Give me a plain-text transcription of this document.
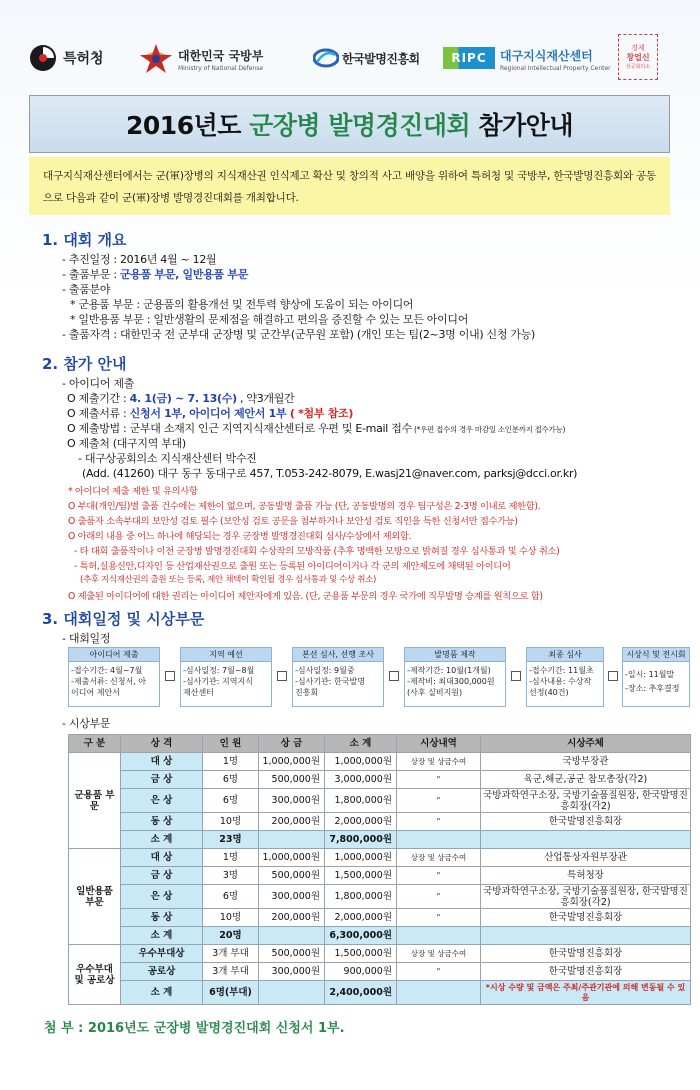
특허청	대한민국 국방부
Ministry of National Defense
한국발명진흥회	RIPC 대구지식재산센터
Regional Intellectual Property Center
경제
창업신
상공회의소
2016년도 군장병 발명경진대회 참가안내
대구지식재산센터에서는 군(軍)장병의 지식재산권 인식제고 확산 및 창의적 사고 배양을 위하여 특허청 및 국방부, 한국발명진흥회와 공동으로 다음과 같이 군(軍)장병 발명경진대회를 개최합니다.
1. 대회 개요
- 추진일정 : 2016년 4월 ~ 12월
- 출품부문 : 군용품 부문, 일반용품 부문
- 출품분야
* 군용품 부문 : 군용품의 활용개선 및 전투력 향상에 도움이 되는 아이디어
* 일반용품 부문 : 일반생활의 문제점을 해결하고 편의을 증진할 수 있는 모든 아이디어
- 출품자격 : 대한민국 전 군부대 군장병 및 군간부(군무원 포함) (개인 또는 팀(2~3명 이내) 신청 가능)
2. 참가 안내
- 아이디어 제출
O 제출기간 : 4. 1(금) ~ 7. 13(수) , 약3개월간
O 제출서류 : 신청서 1부, 아이디어 제안서 1부 ( *첨부 참조)
O 제출방법 : 군부대 소재지 인근 지역지식재산센터로 우편 및 E-mail 접수 (*우편 접수의 경우 마감일 소인분까지 접수가능)
O 제출처 (대구지역 부대)
- 대구상공회의소 지식재산센터 박수진
(Add. (41260) 대구 동구 동대구로 457, T.053-242-8079, E.wasj21@naver.com, parksj@dcci.or.kr)
* 아이디어 제출 제한 및 유의사항
O 부대(개인/팀)별 출품 건수에는 제한이 없으며, 공동발명 출품 가능 (단, 공동발명의 경우 팀구성은 2-3명 이내로 제한함).
O 출품자 소속부대의 보안성 검토 필수 (보안성 검토 공문을 첨부하거나 보안성 검토 직인을 득한 신청서만 접수가능)
O 아래의 내용 중 어느 하나에 해당되는 경우 군장병 발명경진대회 심사/수상에서 제외함.
- 타 대회 출품작이나 이전 군장병 발명경진대회 수상작의 모방작품 (추후 명백한 모방으로 밝혀질 경우 심사통과 및 수상 취소)
- 특허,실용신안,디자인 등 산업재산권으로 출원 또는 등록된 아이디어이거나 각 군의 제안제도에 채택된 아이디어
(추후 지식재산권의 출원 또는 등록, 제안 채택이 확인될 경우 심사통과 및 수상 취소)
O 제출된 아이디어에 대한 권리는 아이디어 제안자에게 있음. (단, 군용품 부문의 경우 국가에 직무발명 승계를 원칙으로 함)
3. 대회일정 및 시상부문
- 대회일정
아이디어 제출
-접수기간: 4월~7월
-제출서류: 신청서, 아
이디어 제안서
지역 예선
-심사일정: 7월~8월
-심사기관: 지역지식
재산센터
본선 심사, 선행 조사
-심사일정: 9월중
-심사기관: 한국발명
진흥회
발명품 제작
-제작기간: 10월(1개월)
-제작비: 최대300,000원
(사후 실비지원)
최종 심사
-접수기간: 11월초
-심사내용: 수상작
선정(40건)
시상식 및 전시회
-일시: 11월말
-장소: 추후결정
- 시상부문
구 분	상 격	인 원	상 금	소 계	시상내역	시상주체
군용품 부문	대 상	1명	1,000,000원	1,000,000원	상장 및 상금수여	국방부장관
	금 상	6명	500,000원	3,000,000원	"	육군,해군,공군 참모총장(각2)
	은 상	6명	300,000원	1,800,000원	"	국방과학연구소장, 국방기술품질원장, 한국발명진흥회장(각2)
	동 상	10명	200,000원	2,000,000원	"	한국발명진흥회장
	소 계	23명		7,800,000원		
일반용품 부문	대 상	1명	1,000,000원	1,000,000원	상장 및 상금수여	산업통상자원부장관
	금 상	3명	500,000원	1,500,000원	"	특허청장
	은 상	6명	300,000원	1,800,000원	"	국방과학연구소장, 국방기술품질원장, 한국발명진흥회장(각2)
	동 상	10명	200,000원	2,000,000원	"	한국발명진흥회장
	소 계	20명		6,300,000원		
우수부대 및 공로상	우수부대상	3개 부대	500,000원	1,500,000원	상장 및 상금수여	한국발명진흥회장
	공로상	3개 부대	300,000원	900,000원	"	한국발명진흥회장
	소 계	6명(부대)		2,400,000원		*시상 수량 및 금액은 주최/주관기관에 의해 변동될 수 있음
첨 부 : 2016년도 군장병 발명경진대회 신청서 1부.
